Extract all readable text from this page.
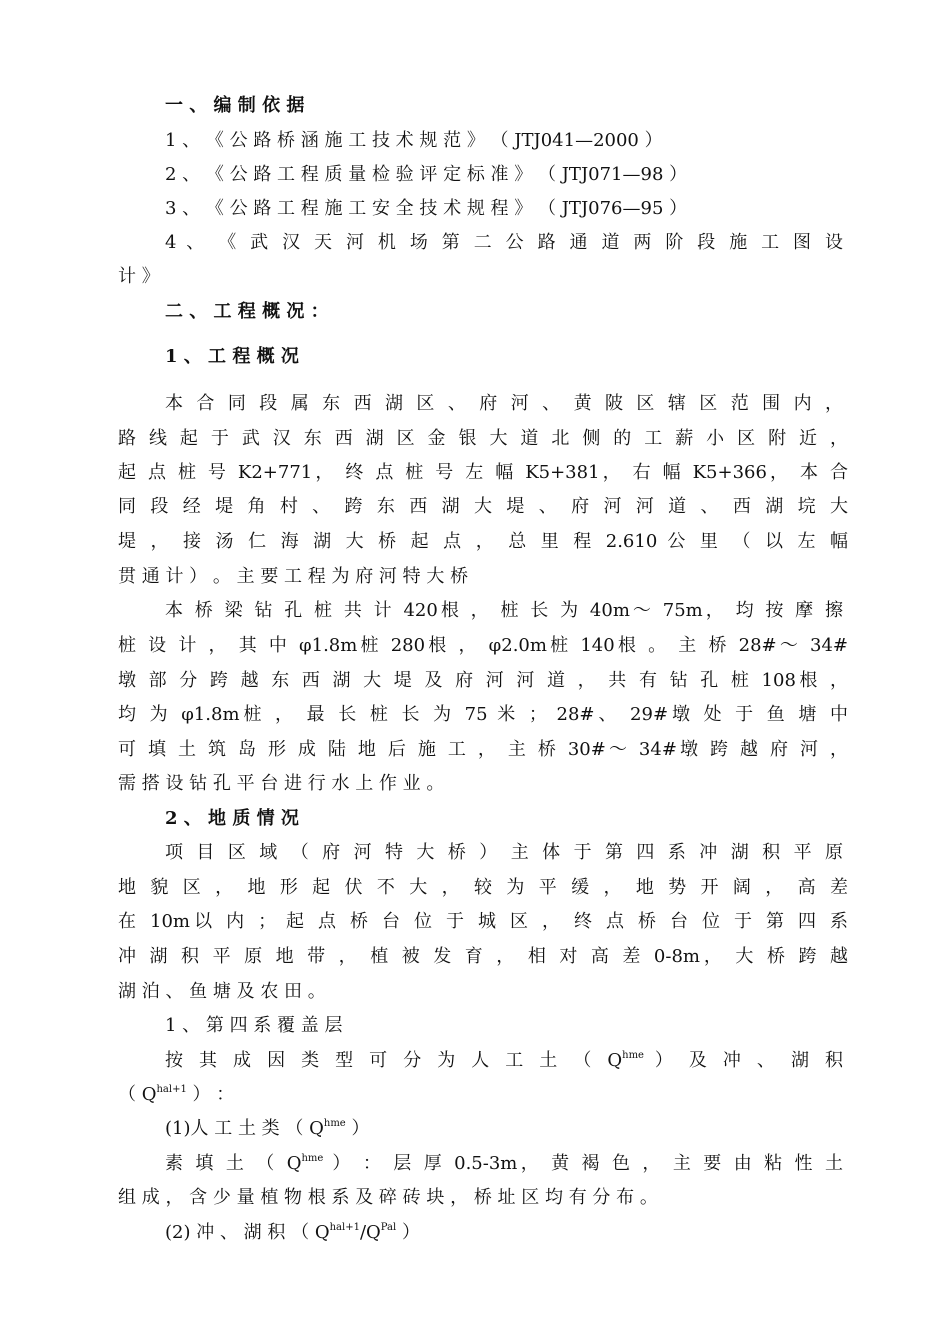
一 、 编 制 依 据
1 、 《 公 路 桥 涵 施 工 技 术 规 范 》 （ JTJ041—2000 ）
2 、 《 公 路 工 程 质 量 检 验 评 定 标 准 》 （ JTJ071—98 ）
3 、 《 公 路 工 程 施 工 安 全 技 术 规 程 》 （ JTJ076—95 ）
4 、 《 武 汉 天 河 机 场 第 二 公 路 通 道 两 阶 段 施 工 图 设
计 》
二 、 工 程 概 况 ：
1 、 工 程 概 况
本 合 同 段 属 东 西 湖 区 、 府 河 、 黄 陂 区 辖 区 范 围 内 ，
路 线 起 于 武 汉 东 西 湖 区 金 银 大 道 北 侧 的 工 薪 小 区 附 近 ，
起 点 桩 号 K2+771， 终 点 桩 号 左 幅 K5+381， 右 幅 K5+366， 本 合
同 段 经 堤 角 村 、 跨 东 西 湖 大 堤 、 府 河 河 道 、 西 湖 垸 大
堤 ， 接 汤 仁 海 湖 大 桥 起 点 ， 总 里 程 2.610 公 里 （ 以 左 幅
贯 通 计 ） 。 主 要 工 程 为 府 河 特 大 桥
本 桥 梁 钻 孔 桩 共 计 420根 ， 桩 长 为 40m～ 75m， 均 按 摩 擦
桩 设 计 ， 其 中 φ1.8m桩 280根 ， φ2.0m桩 140根 。 主 桥 28#～ 34#
墩 部 分 跨 越 东 西 湖 大 堤 及 府 河 河 道 ， 共 有 钻 孔 桩 108根 ，
均 为 φ1.8m桩 ， 最 长 桩 长 为 75 米 ； 28#、 29#墩 处 于 鱼 塘 中
可 填 土 筑 岛 形 成 陆 地 后 施 工 ， 主 桥 30#～ 34#墩 跨 越 府 河 ，
需 搭 设 钻 孔 平 台 进 行 水 上 作 业 。
2 、 地 质 情 况
项 目 区 域 （ 府 河 特 大 桥 ） 主 体 于 第 四 系 冲 湖 积 平 原
地 貌 区 ， 地 形 起 伏 不 大 ， 较 为 平 缓 ， 地 势 开 阔 ， 高 差
在 10m以 内 ； 起 点 桥 台 位 于 城 区 ， 终 点 桥 台 位 于 第 四 系
冲 湖 积 平 原 地 带 ， 植 被 发 育 ， 相 对 高 差 0-8m， 大 桥 跨 越
湖 泊 、 鱼 塘 及 农 田 。
1 、 第 四 系 覆 盖 层
按 其 成 因 类 型 可 分 为 人 工 土 （ $Q^{hme}$ ） 及 冲 、 湖 积
（ $Q^{hal+1}$ ） ：
(1)人 工 土 类 （ $Q^{hme}$ ）
素 填 土 （ $Q^{hme}$ ） ： 层 厚 0.5-3m， 黄 褐 色 ， 主 要 由 粘 性 土
组 成 ， 含 少 量 植 物 根 系 及 碎 砖 块 ， 桥 址 区 均 有 分 布 。
(2) 冲 、 湖 积 （ $Q^{hal+1}/Q^{Pal}$ ）
